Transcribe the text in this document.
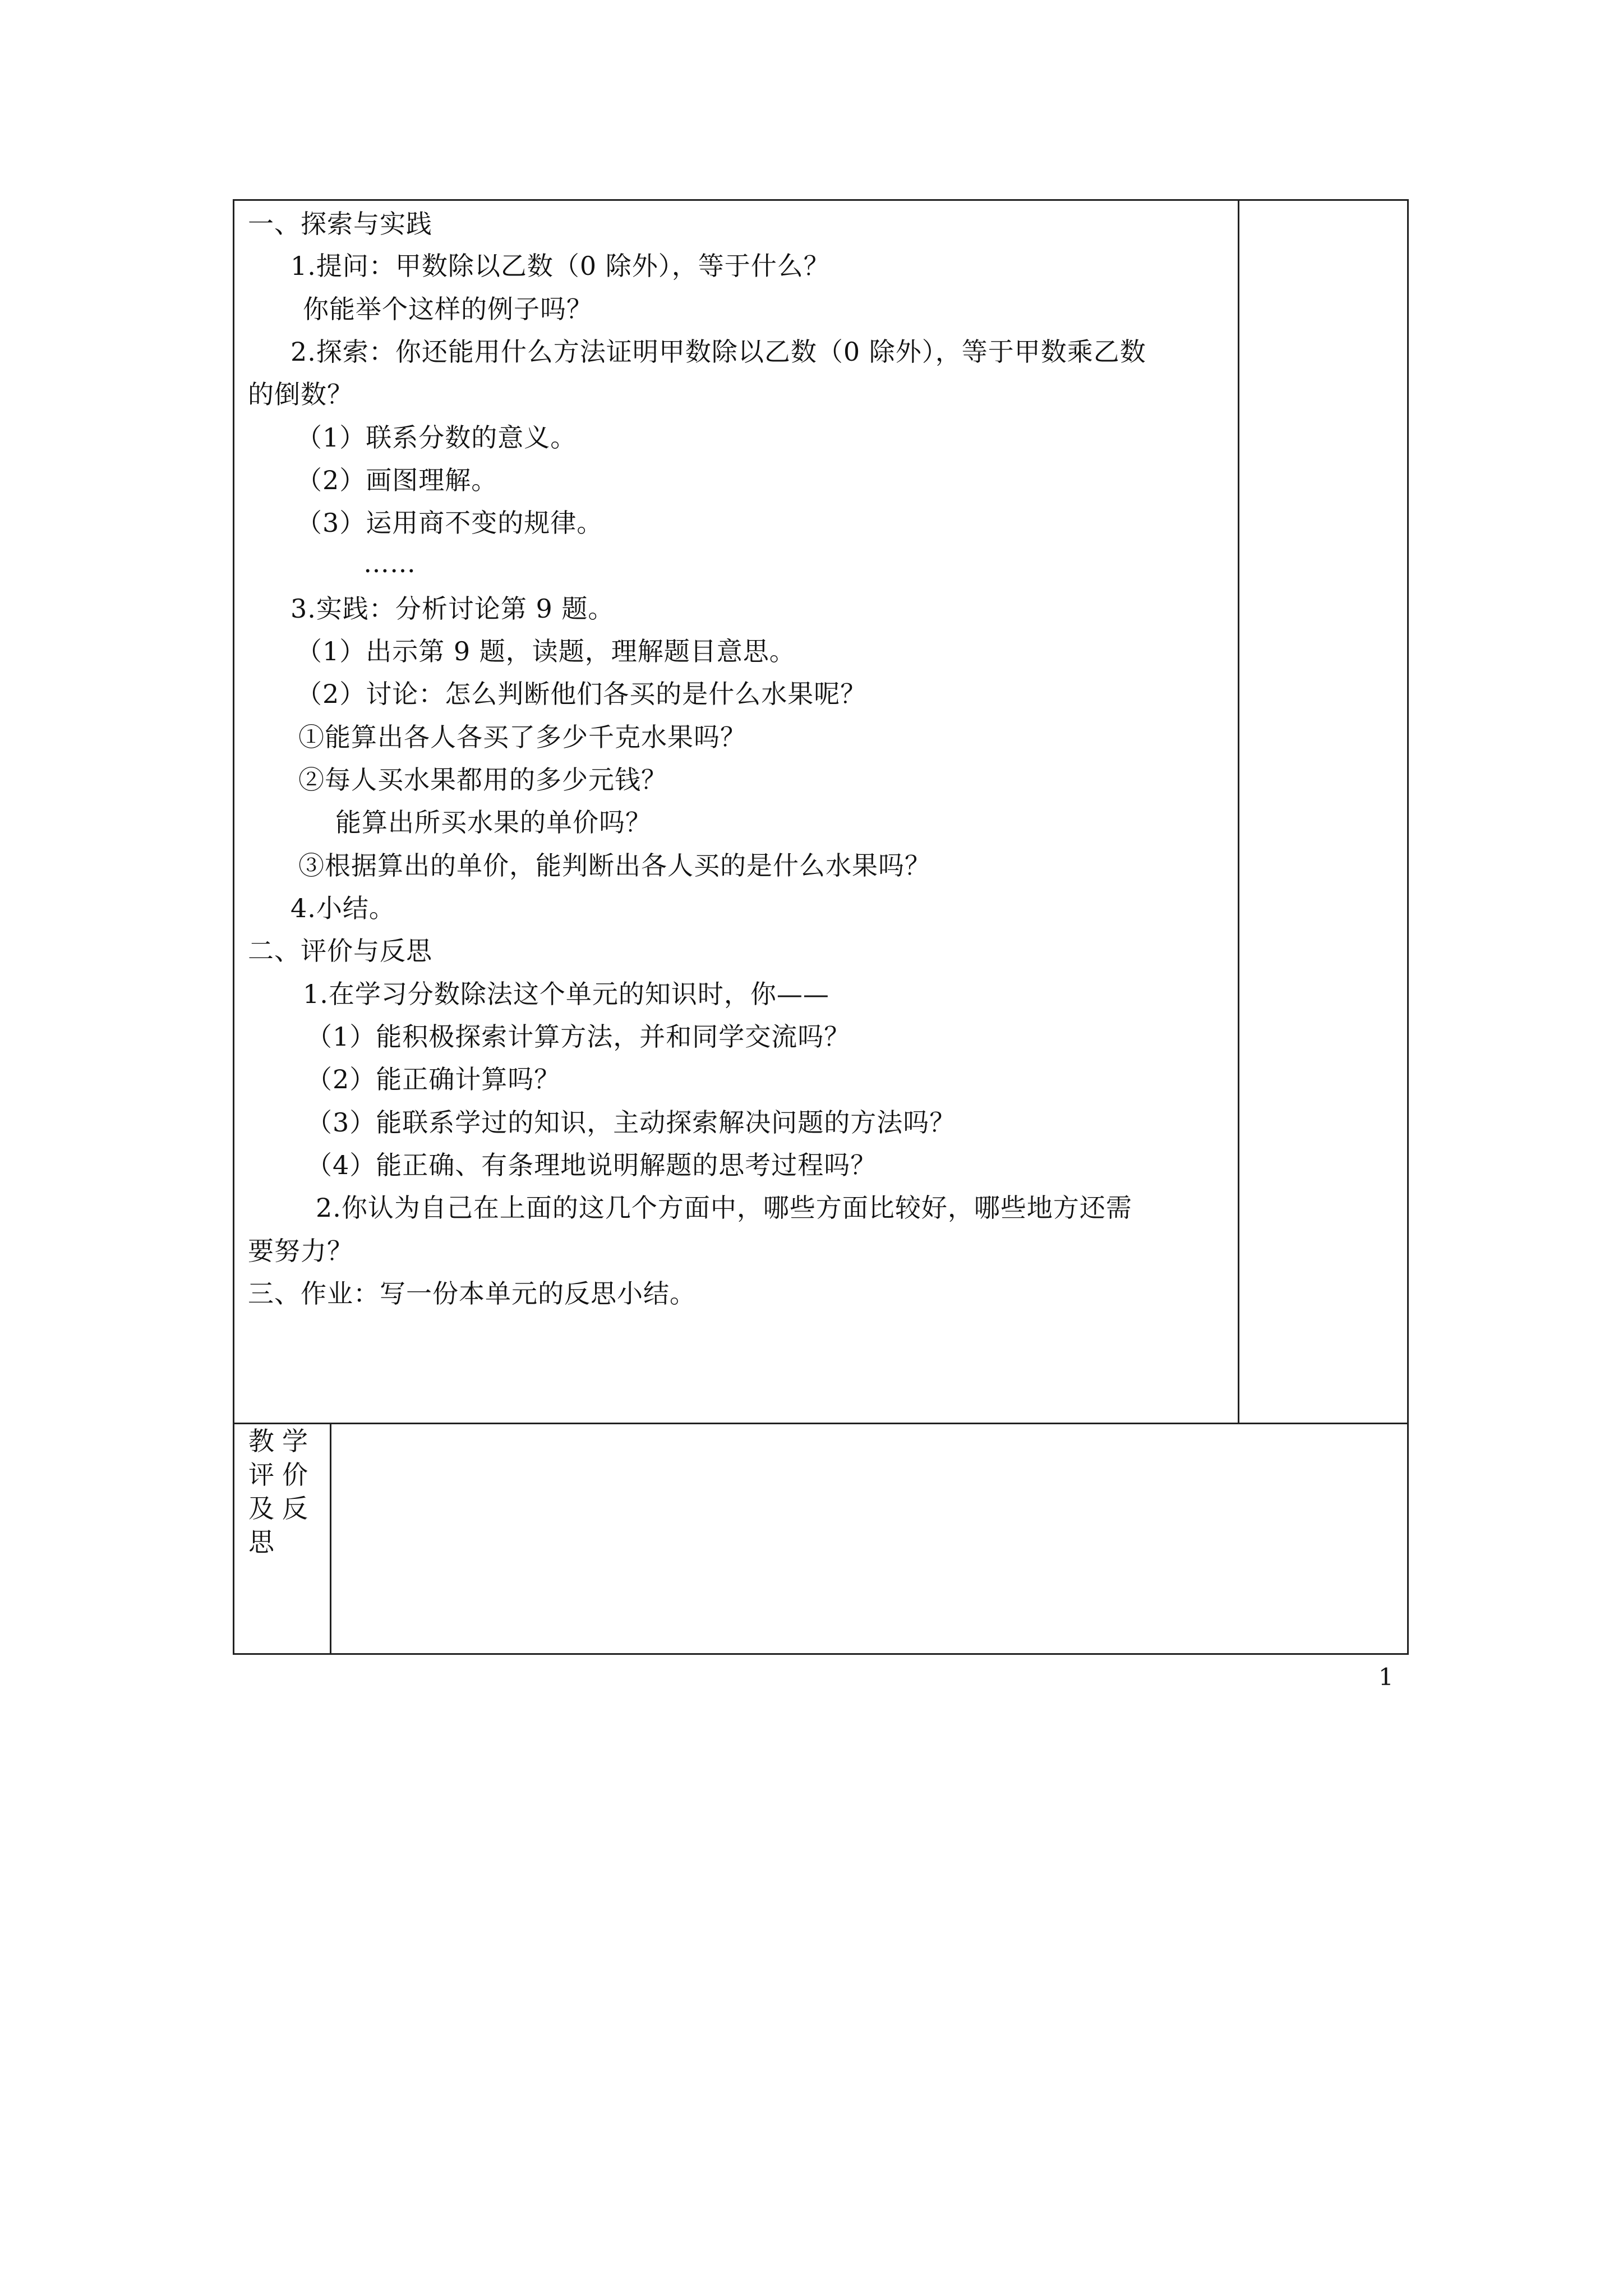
一、探索与实践
1.提问：甲数除以乙数（0 除外），等于什么？
你能举个这样的例子吗？
2.探索：你还能用什么方法证明甲数除以乙数（0 除外），等于甲数乘乙数
的倒数？
（1）联系分数的意义。
（2）画图理解。
（3）运用商不变的规律。
……
3.实践：分析讨论第 9 题。
（1）出示第 9 题，读题，理解题目意思。
（2）讨论：怎么判断他们各买的是什么水果呢？
①能算出各人各买了多少千克水果吗？
②每人买水果都用的多少元钱？
能算出所买水果的单价吗？
③根据算出的单价，能判断出各人买的是什么水果吗？
4.小结。
二、评价与反思
1.在学习分数除法这个单元的知识时，你——
（1）能积极探索计算方法，并和同学交流吗？
（2）能正确计算吗？
（3）能联系学过的知识，主动探索解决问题的方法吗？
（4）能正确、有条理地说明解题的思考过程吗？
2.你认为自己在上面的这几个方面中，哪些方面比较好，哪些地方还需
要努力？
三、作业：写一份本单元的反思小结。
教学评价及反思
1
